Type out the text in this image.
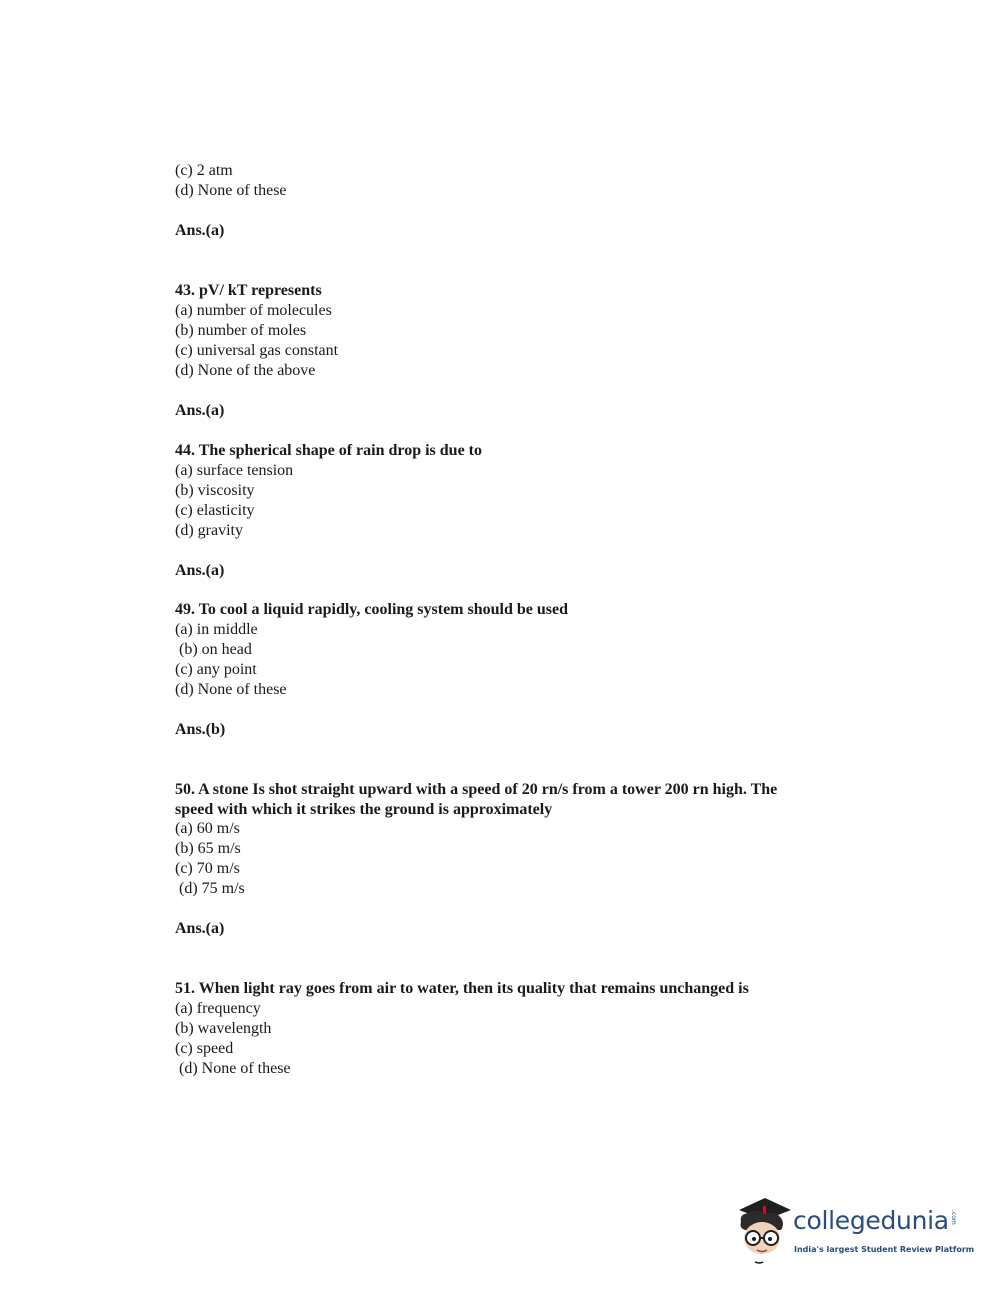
(c) 2 atm
(d) None of these
Ans.(a)
43. pV/ kT represents
(a) number of molecules
(b) number of moles
(c) universal gas constant
(d) None of the above
Ans.(a)
44. The spherical shape of rain drop is due to
(a) surface tension
(b) viscosity
(c) elasticity
(d) gravity
Ans.(a)
49. To cool a liquid rapidly, cooling system should be used
(a) in middle
(b) on head
(c) any point
(d) None of these
Ans.(b)
50. A stone Is shot straight upward with a speed of 20 rn/s from a tower 200 rn high. The
speed with which it strikes the ground is approximately
(a) 60 m/s
(b) 65 m/s
(c) 70 m/s
(d) 75 m/s
Ans.(a)
51. When light ray goes from air to water, then its quality that remains unchanged is
(a) frequency
(b) wavelength
(c) speed
(d) None of these
collegedunia .com
India's largest Student Review Platform
